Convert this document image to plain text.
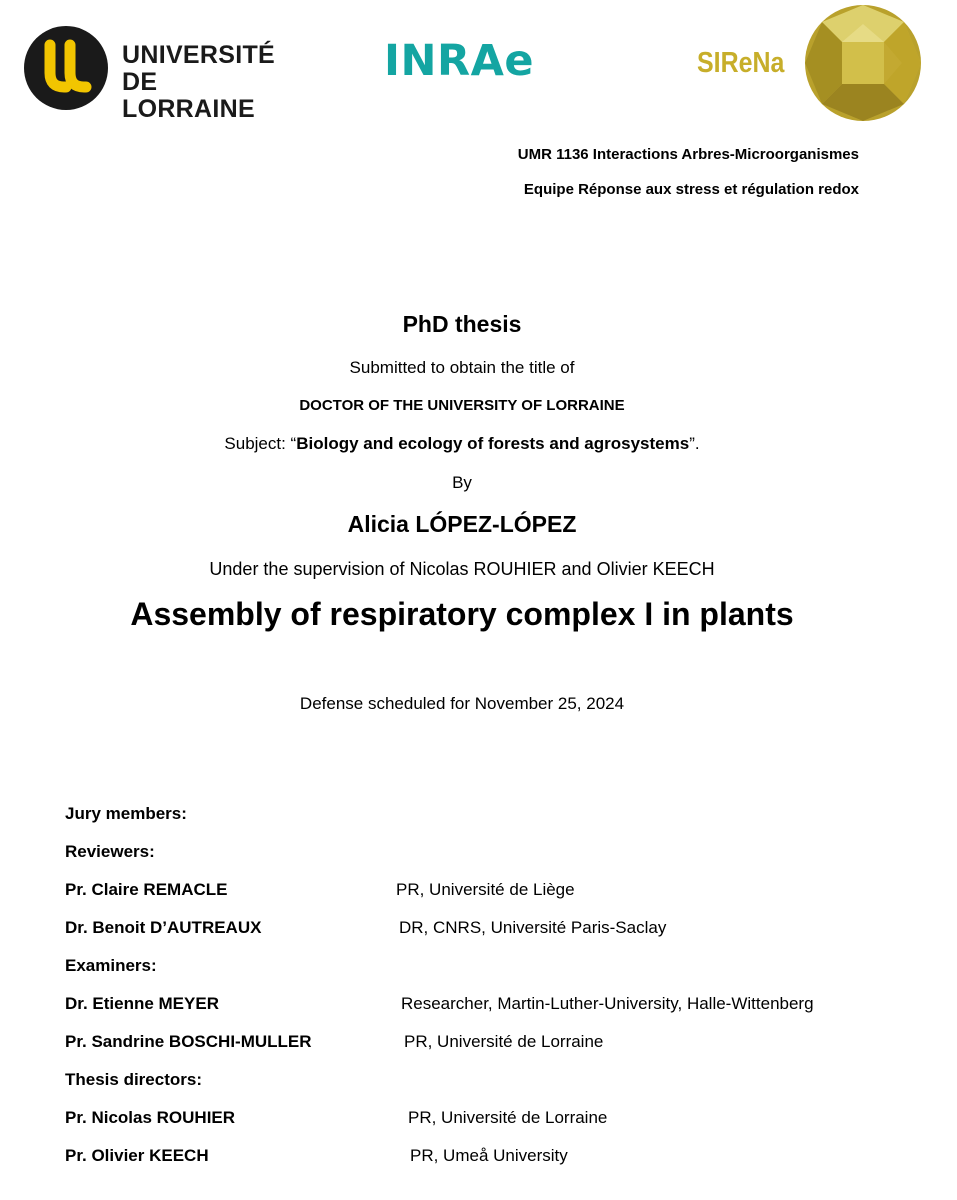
UNIVERSITÉ
DE LORRAINE
INRAe	SIReNa
UMR 1136 Interactions Arbres-Microorganismes
Equipe Réponse aux stress et régulation redox
PhD thesis
Submitted to obtain the title of
DOCTOR OF THE UNIVERSITY OF LORRAINE
Subject: “Biology and ecology of forests and agrosystems”.
By
Alicia LÓPEZ-LÓPEZ
Under the supervision of Nicolas ROUHIER and Olivier KEECH
Assembly of respiratory complex I in plants
Defense scheduled for November 25, 2024
Jury members:
Reviewers:
Pr. Claire REMACLE	PR, Université de Liège
Dr. Benoit D’AUTREAUX	DR, CNRS, Université Paris-Saclay
Examiners:
Dr. Etienne MEYER	Researcher, Martin-Luther-University, Halle-Wittenberg
Pr. Sandrine BOSCHI-MULLER	PR, Université de Lorraine
Thesis directors:
Pr. Nicolas ROUHIER	PR, Université de Lorraine
Pr. Olivier KEECH	PR, Umeå University
